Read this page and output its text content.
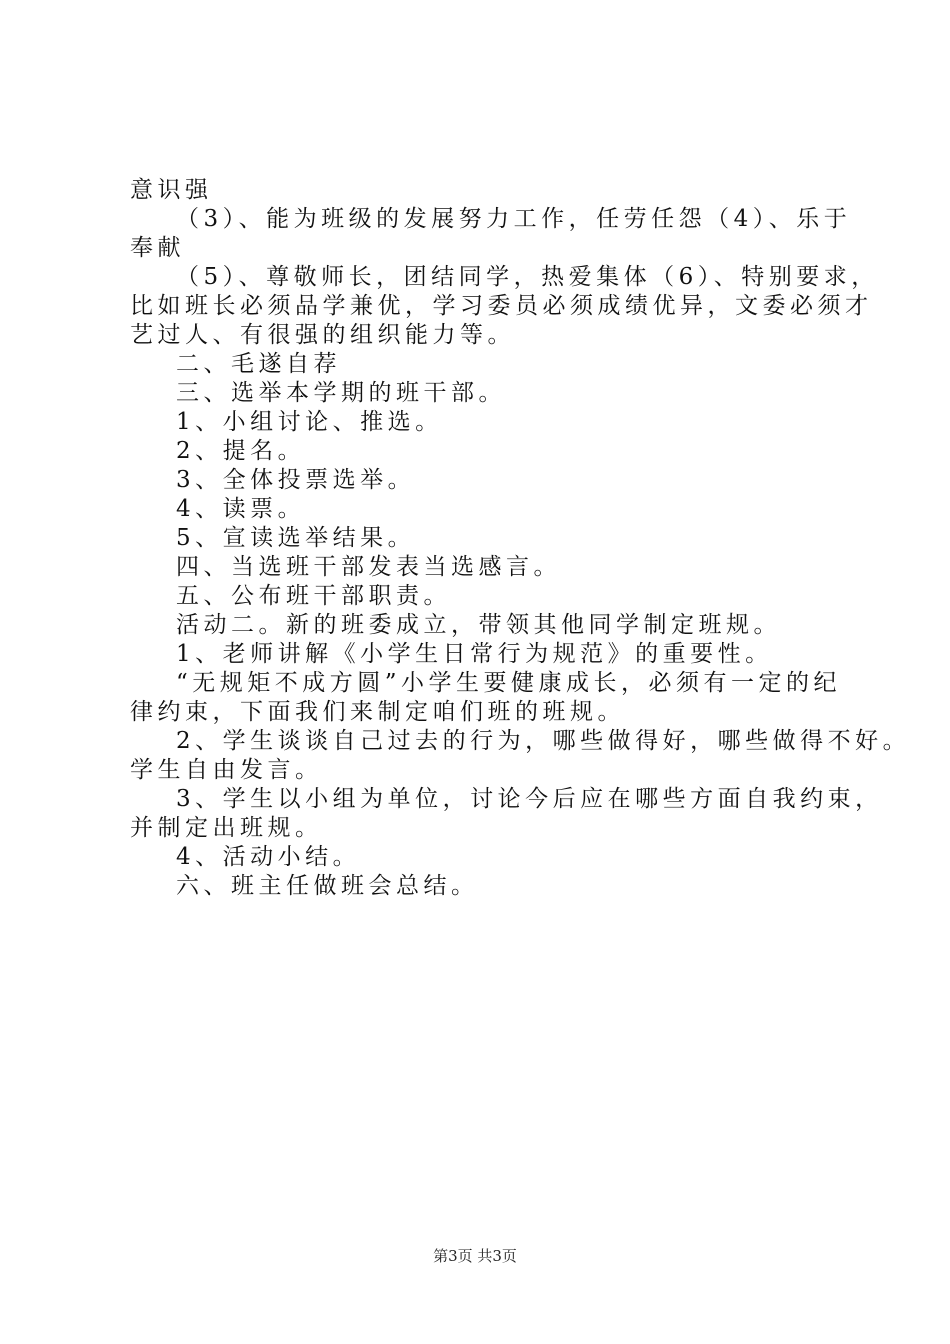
意识强

（3）、能为班级的发展努力工作，任劳任怨（4）、乐于

奉献

（5）、尊敬师长，团结同学，热爱集体（6）、特别要求，

比如班长必须品学兼优，学习委员必须成绩优异，文委必须才

艺过人、有很强的组织能力等。

二、毛遂自荐

三、选举本学期的班干部。

1、小组讨论、推选。

2、提名。

3、全体投票选举。

4、读票。

5、宣读选举结果。

四、当选班干部发表当选感言。

五、公布班干部职责。

活动二。新的班委成立，带领其他同学制定班规。

1、老师讲解《小学生日常行为规范》的重要性。

“无规矩不成方圆”小学生要健康成长，必须有一定的纪

律约束，下面我们来制定咱们班的班规。

2、学生谈谈自己过去的行为，哪些做得好，哪些做得不好。

学生自由发言。

3、学生以小组为单位，讨论今后应在哪些方面自我约束，

并制定出班规。

4、活动小结。

六、班主任做班会总结。

第3页 共3页
